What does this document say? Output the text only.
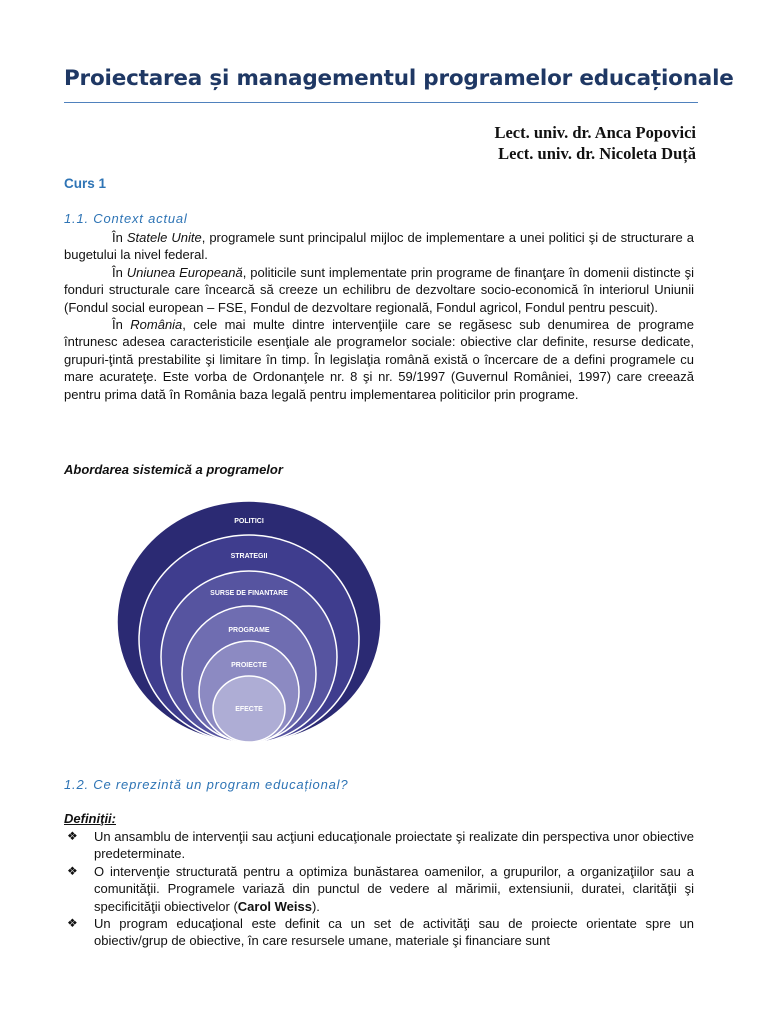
Proiectarea și managementul programelor educaționale
Lect. univ. dr. Anca Popovici
Lect. univ. dr. Nicoleta Duță
Curs 1
1.1. Context actual

În Statele Unite, programele sunt principalul mijloc de implementare a unei politici şi de structurare a bugetului la nivel federal.

În Uniunea Europeană, politicile sunt implementate prin programe de finanţare în domenii distincte şi fonduri structurale care încearcă să creeze un echilibru de dezvoltare socio-economică în interiorul Uniunii (Fondul social european – FSE, Fondul de dezvoltare regională, Fondul agricol, Fondul pentru pescuit).

În România, cele mai multe dintre intervenţiile care se regăsesc sub denumirea de programe întrunesc adesea caracteristicile esenţiale ale programelor sociale: obiective clar definite, resurse dedicate, grupuri-ţintă prestabilite şi limitare în timp. În legislaţia română există o încercare de a defini programele cu mare acurateţe. Este vorba de Ordonanţele nr. 8 şi nr. 59/1997 (Guvernul României, 1997) care creează pentru prima dată în România baza legală pentru implementarea politicilor prin programe.

Abordarea sistemică a programelor
POLITICI
STRATEGII
SURSE DE FINANTARE
PROGRAME
PROIECTE
EFECTE
1.2. Ce reprezintă un program educațional?
Definiţii:
❖ Un ansamblu de intervenţii sau acţiuni educaţionale proiectate şi realizate din perspectiva unor obiective predeterminate.
❖ O intervenţie structurată pentru a optimiza bunăstarea oamenilor, a grupurilor, a organizaţiilor sau a comunităţii. Programele variază din punctul de vedere al mărimii, extensiunii, duratei, clarităţii şi specificităţii obiectivelor (Carol Weiss).
❖ Un program educaţional este definit ca un set de activităţi sau de proiecte orientate spre un obiectiv/grup de obiective, în care resursele umane, materiale şi financiare sunt
